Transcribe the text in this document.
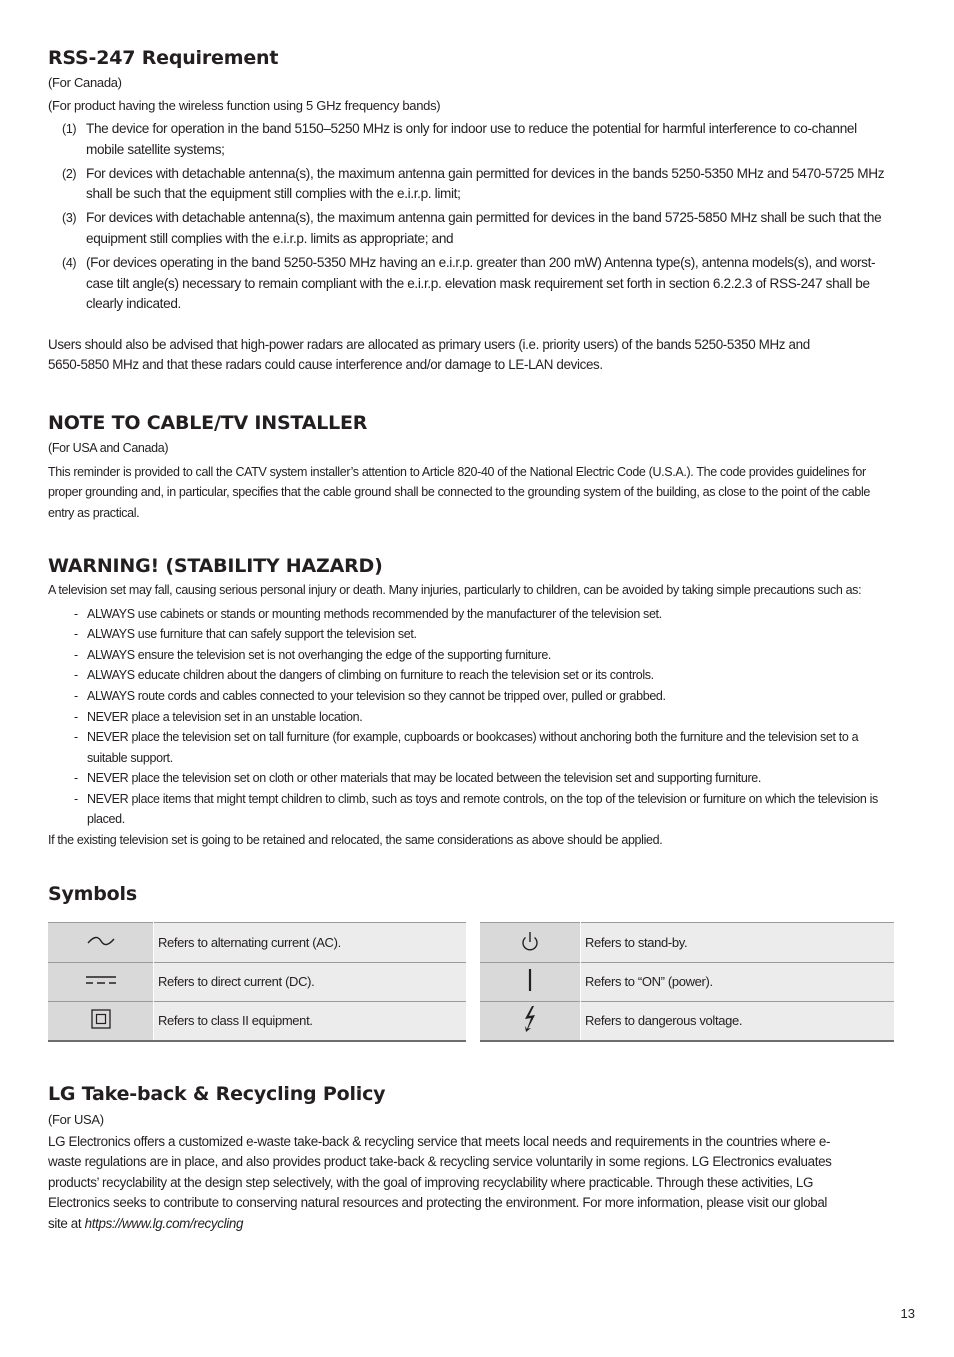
RSS-247 Requirement
(For Canada)
(For product having the wireless function using 5 GHz frequency bands)
(1) The device for operation in the band 5150–5250 MHz is only for indoor use to reduce the potential for harmful interference to co-channel mobile satellite systems;
(2) For devices with detachable antenna(s), the maximum antenna gain permitted for devices in the bands 5250-5350 MHz and 5470-5725 MHz shall be such that the equipment still complies with the e.i.r.p. limit;
(3) For devices with detachable antenna(s), the maximum antenna gain permitted for devices in the band 5725-5850 MHz shall be such that the equipment still complies with the e.i.r.p. limits as appropriate; and
(4) (For devices operating in the band 5250-5350 MHz having an e.i.r.p. greater than 200 mW) Antenna type(s), antenna models(s), and worst-case tilt angle(s) necessary to remain compliant with the e.i.r.p. elevation mask requirement set forth in section 6.2.2.3 of RSS-247 shall be clearly indicated.

Users should also be advised that high-power radars are allocated as primary users (i.e. priority users) of the bands 5250-5350 MHz and 5650-5850 MHz and that these radars could cause interference and/or damage to LE-LAN devices.

NOTE TO CABLE/TV INSTALLER
(For USA and Canada)

This reminder is provided to call the CATV system installer’s attention to Article 820-40 of the National Electric Code (U.S.A.). The code provides guidelines for proper grounding and, in particular, specifies that the cable ground shall be connected to the grounding system of the building, as close to the point of the cable entry as practical.

WARNING! (STABILITY HAZARD)

A television set may fall, causing serious personal injury or death. Many injuries, particularly to children, can be avoided by taking simple precautions such as:

- ALWAYS use cabinets or stands or mounting methods recommended by the manufacturer of the television set.
- ALWAYS use furniture that can safely support the television set.
- ALWAYS ensure the television set is not overhanging the edge of the supporting furniture.
- ALWAYS educate children about the dangers of climbing on furniture to reach the television set or its controls.
- ALWAYS route cords and cables connected to your television so they cannot be tripped over, pulled or grabbed.
- NEVER place a television set in an unstable location.
- NEVER place the television set on tall furniture (for example, cupboards or bookcases) without anchoring both the furniture and the television set to a suitable support.
- NEVER place the television set on cloth or other materials that may be located between the television set and supporting furniture.
- NEVER place items that might tempt children to climb, such as toys and remote controls, on the top of the television or furniture on which the television is placed.

If the existing television set is going to be retained and relocated, the same considerations as above should be applied.

Symbols
	Refers to alternating current (AC).
	Refers to direct current (DC).
	Refers to class II equipment.
	Refers to stand-by.
	Refers to “ON” (power).
	Refers to dangerous voltage.
LG Take-back & Recycling Policy
(For USA)

LG Electronics offers a customized e-waste take-back & recycling service that meets local needs and requirements in the countries where e-waste regulations are in place, and also provides product take-back & recycling service voluntarily in some regions. LG Electronics evaluates products’ recyclability at the design step selectively, with the goal of improving recyclability where practicable. Through these activities, LG Electronics seeks to contribute to conserving natural resources and protecting the environment. For more information, please visit our global site at https://www.lg.com/recycling

13
